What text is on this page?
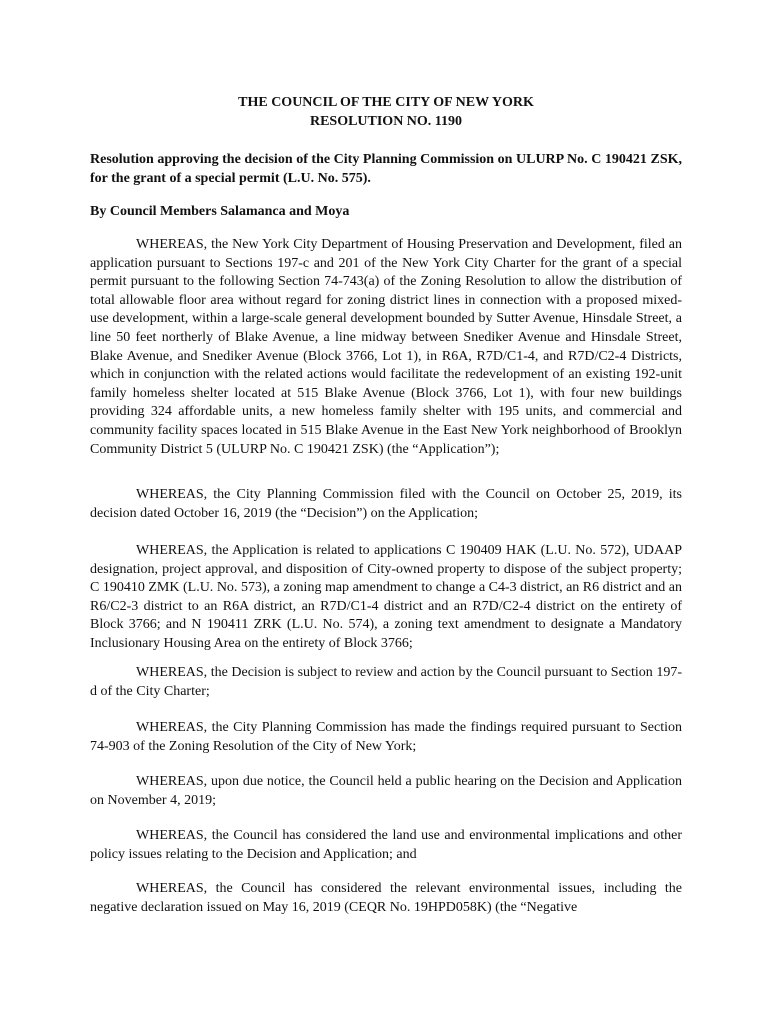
THE COUNCIL OF THE CITY OF NEW YORK
RESOLUTION NO. 1190
Resolution approving the decision of the City Planning Commission on ULURP No. C 190421 ZSK, for the grant of a special permit (L.U. No. 575).
By Council Members Salamanca and Moya
WHEREAS, the New York City Department of Housing Preservation and Development, filed an application pursuant to Sections 197-c and 201 of the New York City Charter for the grant of a special permit pursuant to the following Section 74-743(a) of the Zoning Resolution to allow the distribution of total allowable floor area without regard for zoning district lines in connection with a proposed mixed-use development, within a large-scale general development bounded by Sutter Avenue, Hinsdale Street, a line 50 feet northerly of Blake Avenue, a line midway between Snediker Avenue and Hinsdale Street, Blake Avenue, and Snediker Avenue (Block 3766, Lot 1), in R6A, R7D/C1-4, and R7D/C2-4 Districts, which in conjunction with the related actions would facilitate the redevelopment of an existing 192-unit family homeless shelter located at 515 Blake Avenue (Block 3766, Lot 1), with four new buildings providing 324 affordable units, a new homeless family shelter with 195 units, and commercial and community facility spaces located in 515 Blake Avenue in the East New York neighborhood of Brooklyn Community District 5 (ULURP No. C 190421 ZSK) (the “Application”);
WHEREAS, the City Planning Commission filed with the Council on October 25, 2019, its decision dated October 16, 2019 (the “Decision”) on the Application;
WHEREAS, the Application is related to applications C 190409 HAK (L.U. No. 572), UDAAP designation, project approval, and disposition of City-owned property to dispose of the subject property; C 190410 ZMK (L.U. No. 573), a zoning map amendment to change a C4-3 district, an R6 district and an R6/C2-3 district to an R6A district, an R7D/C1-4 district and an R7D/C2-4 district on the entirety of Block 3766; and N 190411 ZRK (L.U. No. 574), a zoning text amendment to designate a Mandatory Inclusionary Housing Area on the entirety of Block 3766;
WHEREAS, the Decision is subject to review and action by the Council pursuant to Section 197-d of the City Charter;
WHEREAS, the City Planning Commission has made the findings required pursuant to Section 74-903 of the Zoning Resolution of the City of New York;
WHEREAS, upon due notice, the Council held a public hearing on the Decision and Application on November 4, 2019;
WHEREAS, the Council has considered the land use and environmental implications and other policy issues relating to the Decision and Application; and
WHEREAS, the Council has considered the relevant environmental issues, including the negative declaration issued on May 16, 2019 (CEQR No. 19HPD058K) (the “Negative
